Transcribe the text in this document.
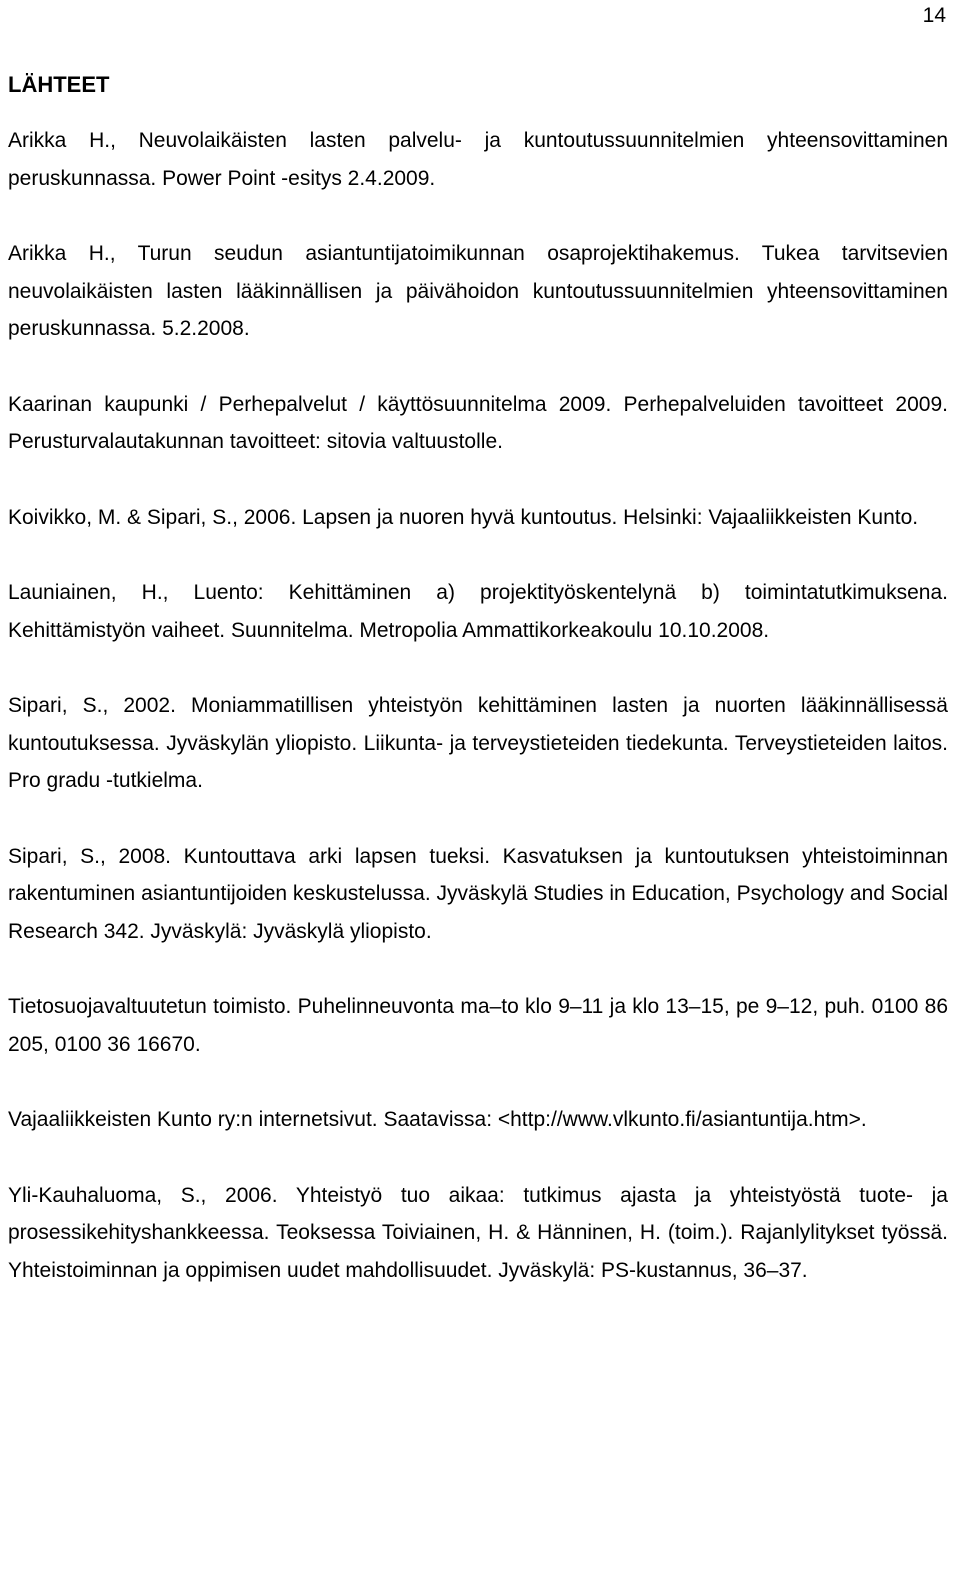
14
LÄHTEET

Arikka H., Neuvolaikäisten lasten palvelu- ja kuntoutussuunnitelmien yhteensovittaminen peruskunnassa. Power Point -esitys 2.4.2009.

Arikka H., Turun seudun asiantuntijatoimikunnan osaprojektihakemus. Tukea tarvitsevien neuvolaikäisten lasten lääkinnällisen ja päivähoidon kuntoutussuunnitelmien yhteensovittaminen peruskunnassa. 5.2.2008.

Kaarinan kaupunki / Perhepalvelut / käyttösuunnitelma 2009. Perhepalveluiden tavoitteet 2009. Perusturvalautakunnan tavoitteet: sitovia valtuustolle.

Koivikko, M. & Sipari, S., 2006. Lapsen ja nuoren hyvä kuntoutus. Helsinki: Vajaaliikkeisten Kunto.

Launiainen, H., Luento: Kehittäminen a) projektityöskentelynä b) toimintatutkimuksena. Kehittämistyön vaiheet. Suunnitelma. Metropolia Ammattikorkeakoulu 10.10.2008.

Sipari, S., 2002. Moniammatillisen yhteistyön kehittäminen lasten ja nuorten lääkinnällisessä kuntoutuksessa. Jyväskylän yliopisto. Liikunta- ja terveystieteiden tiedekunta. Terveystieteiden laitos. Pro gradu -tutkielma.

Sipari, S., 2008. Kuntouttava arki lapsen tueksi. Kasvatuksen ja kuntoutuksen yhteistoiminnan rakentuminen asiantuntijoiden keskustelussa. Jyväskylä Studies in Education, Psychology and Social Research 342. Jyväskylä: Jyväskylä yliopisto.

Tietosuojavaltuutetun toimisto. Puhelinneuvonta ma–to klo 9–11 ja klo 13–15, pe 9–12, puh. 0100 86 205, 0100 36 16670.

Vajaaliikkeisten Kunto ry:n internetsivut. Saatavissa: <http://www.vlkunto.fi/asiantuntija.htm>.

Yli-Kauhaluoma, S., 2006. Yhteistyö tuo aikaa: tutkimus ajasta ja yhteistyöstä tuote- ja prosessikehityshankkeessa. Teoksessa Toiviainen, H. & Hänninen, H. (toim.). Rajanlylitykset työssä. Yhteistoiminnan ja oppimisen uudet mahdollisuudet. Jyväskylä: PS-kustannus, 36–37.
